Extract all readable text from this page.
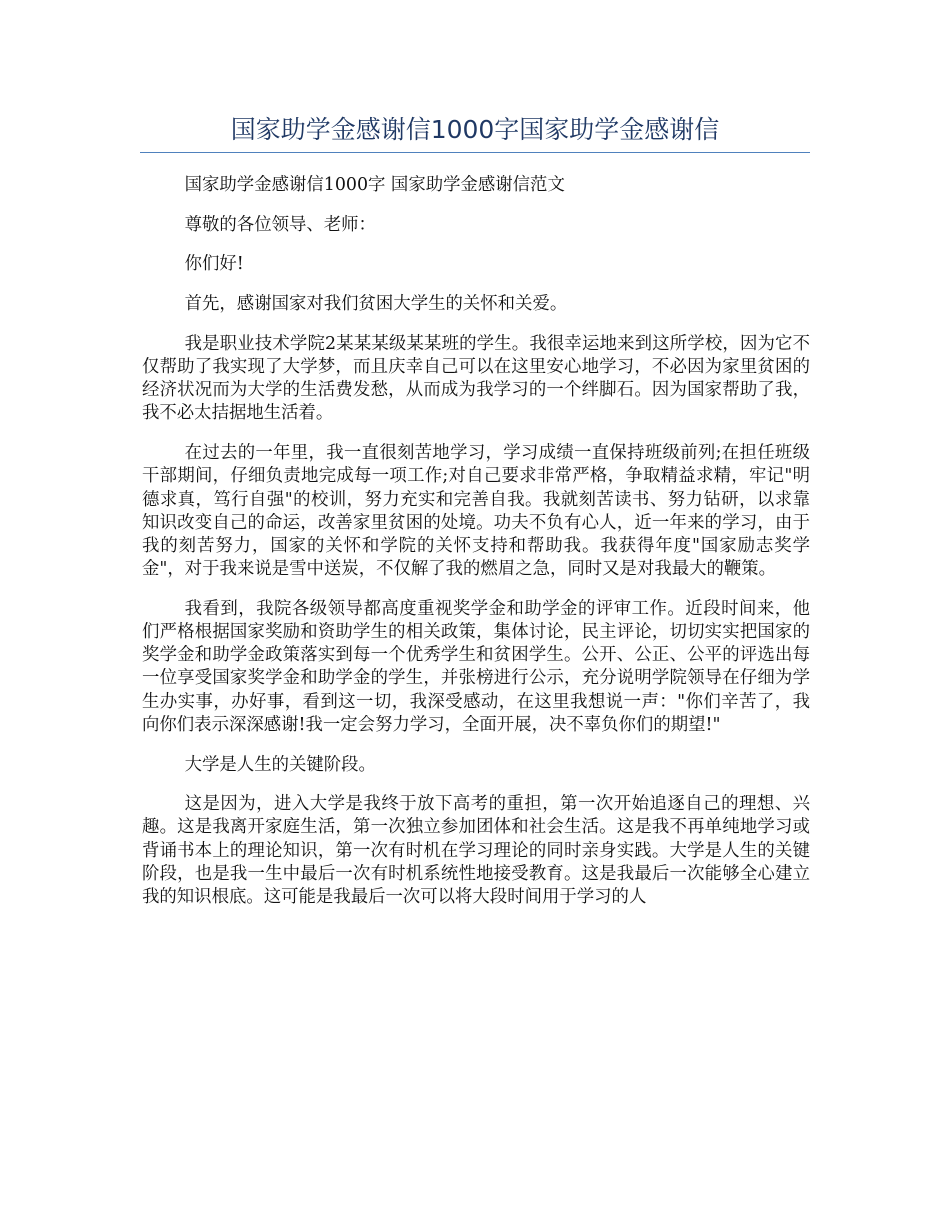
国家助学金感谢信1000字国家助学金感谢信

国家助学金感谢信1000字 国家助学金感谢信范文

尊敬的各位领导、老师：

你们好!

首先，感谢国家对我们贫困大学生的关怀和关爱。

我是职业技术学院2某某某级某某班的学生。我很幸运地来到这所学校，因为它不仅帮助了我实现了大学梦，而且庆幸自己可以在这里安心地学习，不必因为家里贫困的经济状况而为大学的生活费发愁，从而成为我学习的一个绊脚石。因为国家帮助了我，我不必太拮据地生活着。

在过去的一年里，我一直很刻苦地学习，学习成绩一直保持班级前列;在担任班级干部期间，仔细负责地完成每一项工作;对自己要求非常严格，争取精益求精，牢记"明德求真，笃行自强"的校训，努力充实和完善自我。我就刻苦读书、努力钻研，以求靠知识改变自己的命运，改善家里贫困的处境。功夫不负有心人，近一年来的学习，由于我的刻苦努力，国家的关怀和学院的关怀支持和帮助我。我获得年度"国家励志奖学金"，对于我来说是雪中送炭，不仅解了我的燃眉之急，同时又是对我最大的鞭策。

我看到，我院各级领导都高度重视奖学金和助学金的评审工作。近段时间来，他们严格根据国家奖励和资助学生的相关政策，集体讨论，民主评论，切切实实把国家的奖学金和助学金政策落实到每一个优秀学生和贫困学生。公开、公正、公平的评选出每一位享受国家奖学金和助学金的学生，并张榜进行公示，充分说明学院领导在仔细为学生办实事，办好事，看到这一切，我深受感动，在这里我想说一声："你们辛苦了，我向你们表示深深感谢!我一定会努力学习，全面开展，决不辜负你们的期望!"

大学是人生的关键阶段。

这是因为，进入大学是我终于放下高考的重担，第一次开始追逐自己的理想、兴趣。这是我离开家庭生活，第一次独立参加团体和社会生活。这是我不再单纯地学习或背诵书本上的理论知识，第一次有时机在学习理论的同时亲身实践。大学是人生的关键阶段，也是我一生中最后一次有时机系统性地接受教育。这是我最后一次能够全心建立我的知识根底。这可能是我最后一次可以将大段时间用于学习的人
